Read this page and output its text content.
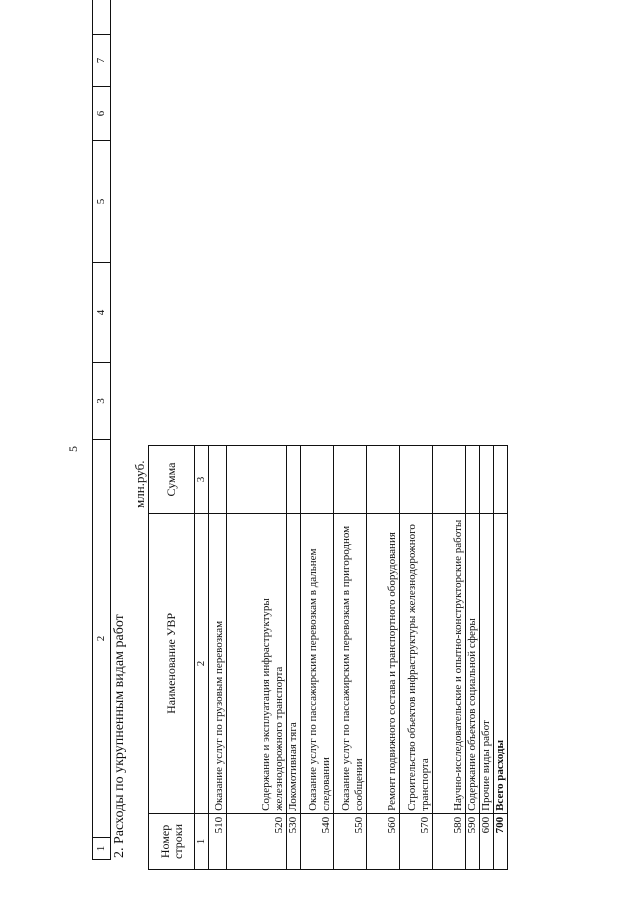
5
1	2	3	4	5	6	7	
2. Расходы по укрупненным видам работ
млн.руб.
Номер строки	Наименование УВР	Сумма
1	2	3
510	Оказание услуг по грузовым перевозкам	
520	Содержание и эксплуатация инфраструктуры железнодорожного транспорта	
530	Локомотивная тяга	
540	Оказание услуг по пассажирским перевозкам в дальнем следовании	
550	Оказание услуг по пассажирским перевозкам в пригородном сообщении	
560	Ремонт подвижного состава и транспортного оборудования	
570	Строительство объектов инфраструктуры железнодорожного транспорта	
580	Научно-исследовательские и опытно-конструкторские работы	
590	Содержание объектов социальной сферы	
600	Прочие виды работ	
700	Всего расходы	
